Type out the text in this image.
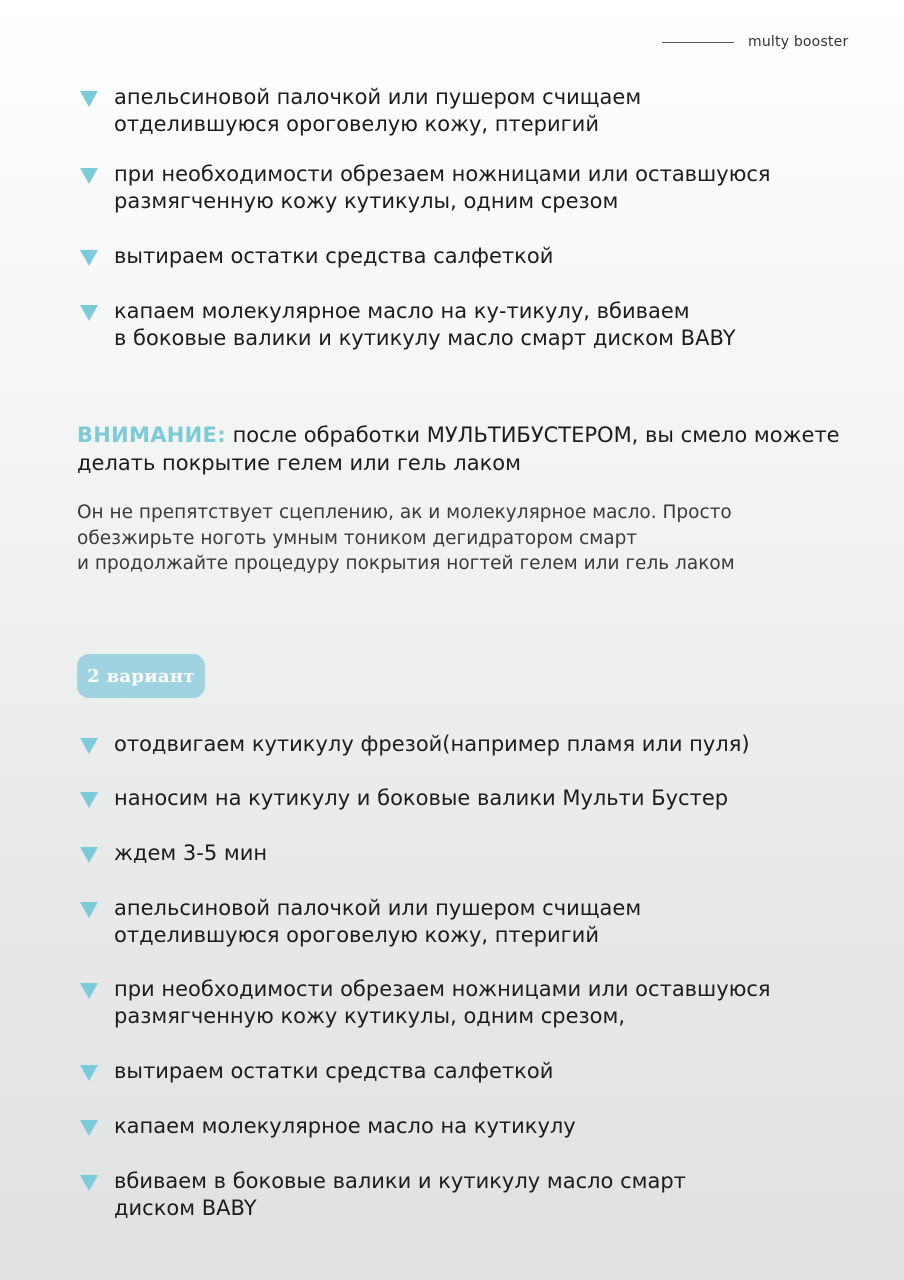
multy booster
апельсиновой палочкой или пушером счищаем
отделившуюся ороговелую кожу, птеригий
при необходимости обрезаем ножницами или оставшуюся
размягченную кожу кутикулы, одним срезом
вытираем остатки средства салфеткой
капаем молекулярное масло на ку-тикулу, вбиваем
в боковые валики и кутикулу масло смарт диском BABY
ВНИМАНИЕ: после обработки МУЛЬТИБУСТЕРОМ, вы смело можете делать покрытие гелем или гель лаком
Он не препятствует сцеплению, ак и молекулярное масло. Просто
обезжирьте ноготь умным тоником дегидратором смарт
и продолжайте процедуру покрытия ногтей гелем или гель лаком
2 вариант
отодвигаем кутикулу фрезой(например пламя или пуля)
наносим на кутикулу и боковые валики Мульти Бустер
ждем 3-5 мин
апельсиновой палочкой или пушером счищаем
отделившуюся ороговелую кожу, птеригий
при необходимости обрезаем ножницами или оставшуюся
размягченную кожу кутикулы, одним срезом,
вытираем остатки средства салфеткой
капаем молекулярное масло на кутикулу
вбиваем в боковые валики и кутикулу масло смарт
диском BABY
